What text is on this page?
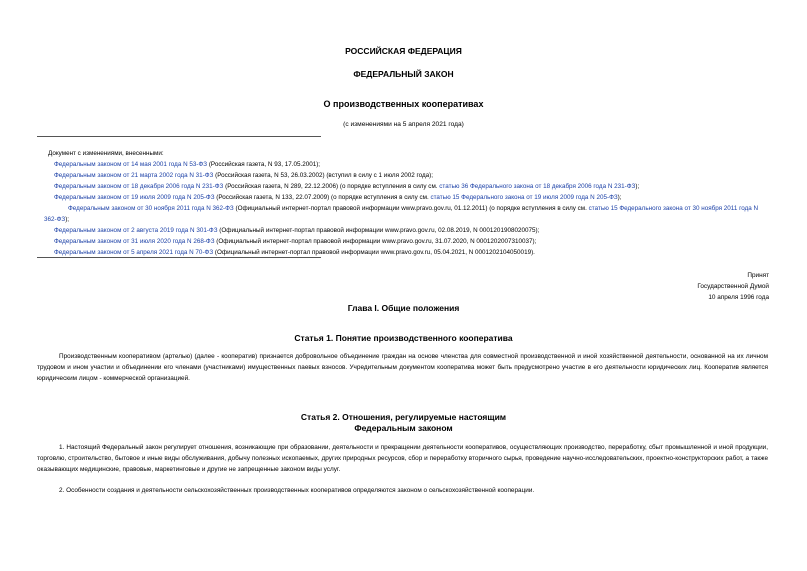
РОССИЙСКАЯ ФЕДЕРАЦИЯ
ФЕДЕРАЛЬНЫЙ ЗАКОН
О производственных кооперативах
(с изменениями на 5 апреля 2021 года)
Документ с изменениями, внесенными:
Федеральным законом от 14 мая 2001 года N 53-ФЗ (Российская газета, N 93, 17.05.2001);
Федеральным законом от 21 марта 2002 года N 31-ФЗ (Российская газета, N 53, 26.03.2002) (вступил в силу с 1 июля 2002 года);
Федеральным законом от 18 декабря 2006 года N 231-ФЗ (Российская газета, N 289, 22.12.2006) (о порядке вступления в силу см. статью 36 Федерального закона от 18 декабря 2006 года N 231-ФЗ);
Федеральным законом от 19 июля 2009 года N 205-ФЗ (Российская газета, N 133, 22.07.2009) (о порядке вступления в силу см. статью 15 Федерального закона от 19 июля 2009 года N 205-ФЗ);
Федеральным законом от 30 ноября 2011 года N 362-ФЗ (Официальный интернет-портал правовой информации www.pravo.gov.ru, 01.12.2011) (о порядке вступления в силу см. статью 15 Федерального закона от 30 ноября 2011 года N 362-ФЗ);
Федеральным законом от 2 августа 2019 года N 301-ФЗ (Официальный интернет-портал правовой информации www.pravo.gov.ru, 02.08.2019, N 0001201908020075);
Федеральным законом от 31 июля 2020 года N 268-ФЗ (Официальный интернет-портал правовой информации www.pravo.gov.ru, 31.07.2020, N 0001202007310037);
Федеральным законом от 5 апреля 2021 года N 70-ФЗ (Официальный интернет-портал правовой информации www.pravo.gov.ru, 05.04.2021, N 0001202104050019).
Принят
Государственной Думой
10 апреля 1996 года
Глава I. Общие положения
Статья 1. Понятие производственного кооператива
Производственным кооперативом (артелью) (далее - кооператив) признается добровольное объединение граждан на основе членства для совместной производственной и иной хозяйственной деятельности, основанной на их личном трудовом и ином участии и объединении его членами (участниками) имущественных паевых взносов. Учредительным документом кооператива может быть предусмотрено участие в его деятельности юридических лиц. Кооператив является юридическим лицом - коммерческой организацией.
Статья 2. Отношения, регулируемые настоящим
Федеральным законом
1. Настоящий Федеральный закон регулирует отношения, возникающие при образовании, деятельности и прекращении деятельности кооперативов, осуществляющих производство, переработку, сбыт промышленной и иной продукции, торговлю, строительство, бытовое и иные виды обслуживания, добычу полезных ископаемых, других природных ресурсов, сбор и переработку вторичного сырья, проведение научно-исследовательских, проектно-конструкторских работ, а также оказывающих медицинские, правовые, маркетинговые и другие не запрещенные законом виды услуг.
2. Особенности создания и деятельности сельскохозяйственных производственных кооперативов определяются законом о сельскохозяйственной кооперации.
